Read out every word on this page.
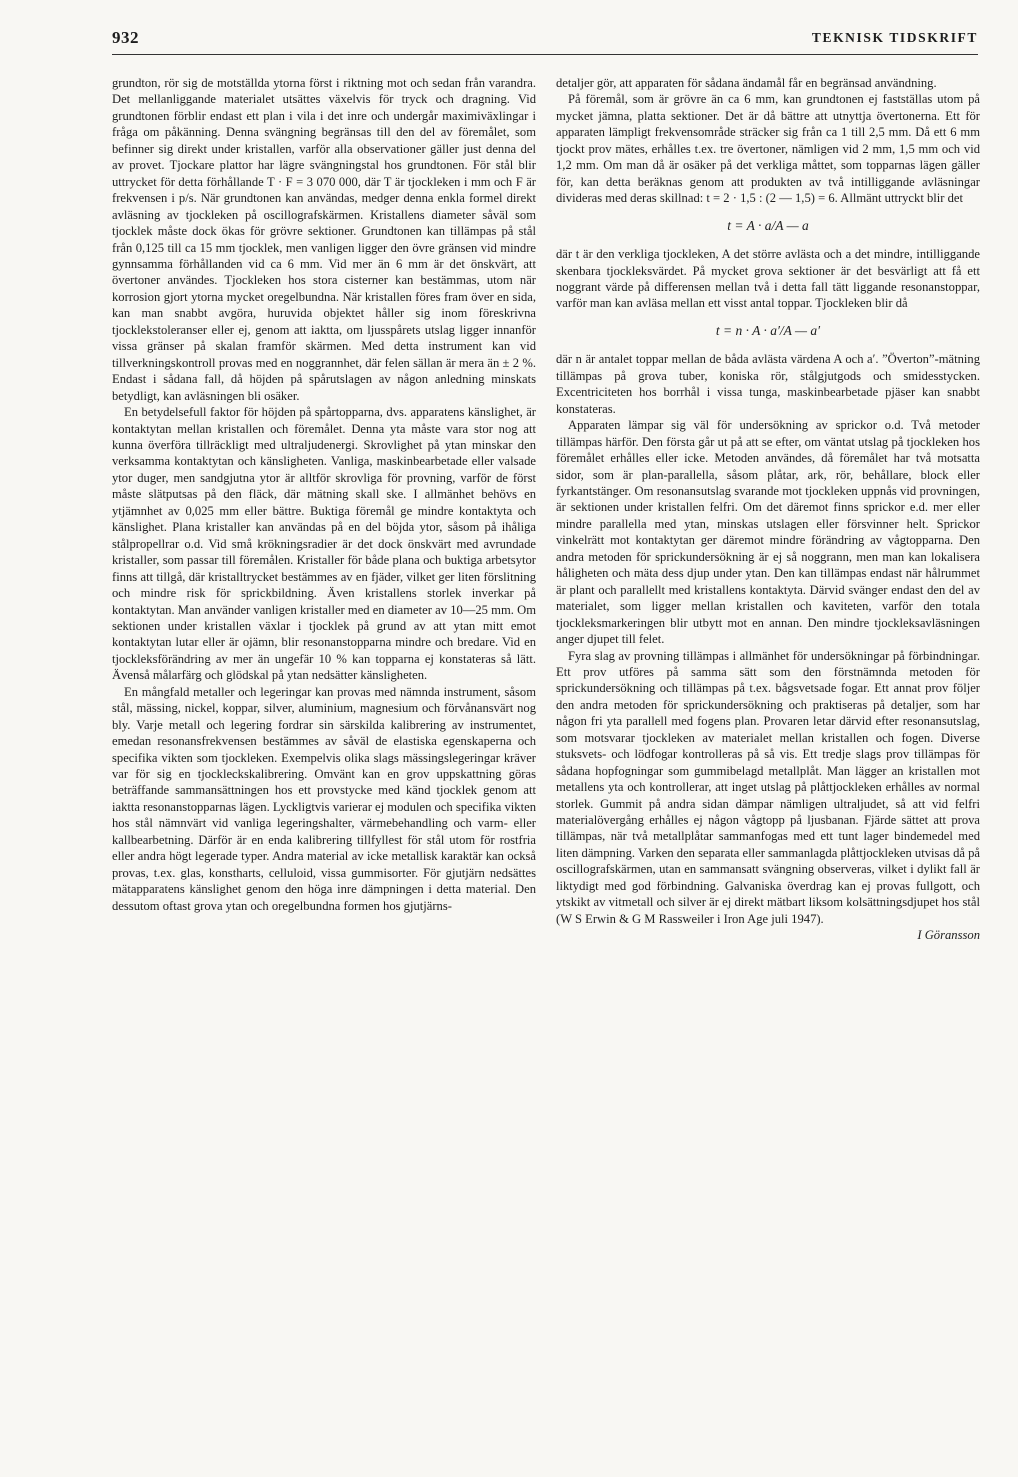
932	TEKNISK TIDSKRIFT

grundton, rör sig de motställda ytorna först i riktning mot och sedan från varandra. Det mellanliggande materialet utsättes växelvis för tryck och dragning. Vid grundtonen förblir endast ett plan i vila i det inre och undergår maximiväxlingar i fråga om påkänning. Denna svängning begränsas till den del av föremålet, som befinner sig direkt under kristallen, varför alla observationer gäller just denna del av provet. Tjockare plattor har lägre svängningstal hos grundtonen. För stål blir uttrycket för detta förhållande T · F = 3 070 000, där T är tjockleken i mm och F är frekvensen i p/s. När grundtonen kan användas, medger denna enkla formel direkt avläsning av tjockleken på oscillografskärmen. Kristallens diameter såväl som tjocklek måste dock ökas för grövre sektioner. Grundtonen kan tillämpas på stål från 0,125 till ca 15 mm tjocklek, men vanligen ligger den övre gränsen vid mindre gynnsamma förhållanden vid ca 6 mm. Vid mer än 6 mm är det önskvärt, att övertoner användes. Tjockleken hos stora cisterner kan bestämmas, utom när korrosion gjort ytorna mycket oregelbundna. När kristallen föres fram över en sida, kan man snabbt avgöra, huruvida objektet håller sig inom föreskrivna tjocklekstoleranser eller ej, genom att iaktta, om ljusspårets utslag ligger innanför vissa gränser på skalan framför skärmen. Med detta instrument kan vid tillverkningskontroll provas med en noggrannhet, där felen sällan är mera än ± 2 %. Endast i sådana fall, då höjden på spårutslagen av någon anledning minskats betydligt, kan avläsningen bli osäker.

En betydelsefull faktor för höjden på spårtopparna, dvs. apparatens känslighet, är kontaktytan mellan kristallen och föremålet. Denna yta måste vara stor nog att kunna överföra tillräckligt med ultraljudenergi. Skrovlighet på ytan minskar den verksamma kontaktytan och känsligheten. Vanliga, maskinbearbetade eller valsade ytor duger, men sandgjutna ytor är alltför skrovliga för provning, varför de först måste slätputsas på den fläck, där mätning skall ske. I allmänhet behövs en ytjämnhet av 0,025 mm eller bättre. Buktiga föremål ge mindre kontaktyta och känslighet. Plana kristaller kan användas på en del böjda ytor, såsom på ihåliga stålpropellrar o.d. Vid små krökningsradier är det dock önskvärt med avrundade kristaller, som passar till föremålen. Kristaller för både plana och buktiga arbetsytor finns att tillgå, där kristalltrycket bestämmes av en fjäder, vilket ger liten förslitning och mindre risk för sprickbildning. Även kristallens storlek inverkar på kontaktytan. Man använder vanligen kristaller med en diameter av 10—25 mm. Om sektionen under kristallen växlar i tjocklek på grund av att ytan mitt emot kontaktytan lutar eller är ojämn, blir resonanstopparna mindre och bredare. Vid en tjockleksförändring av mer än ungefär 10 % kan topparna ej konstateras så lätt. Ävenså målarfärg och glödskal på ytan nedsätter känsligheten.

En mångfald metaller och legeringar kan provas med nämnda instrument, såsom stål, mässing, nickel, koppar, silver, aluminium, magnesium och förvånansvärt nog bly. Varje metall och legering fordrar sin särskilda kalibrering av instrumentet, emedan resonansfrekvensen bestämmes av såväl de elastiska egenskaperna och specifika vikten som tjockleken. Exempelvis olika slags mässingslegeringar kräver var för sig en tjockleckskalibrering. Omvänt kan en grov uppskattning göras beträffande sammansättningen hos ett provstycke med känd tjocklek genom att iaktta resonanstopparnas lägen. Lyckligtvis varierar ej modulen och specifika vikten hos stål nämnvärt vid vanliga legeringshalter, värmebehandling och varm- eller kallbearbetning. Därför är en enda kalibrering tillfyllest för stål utom för rostfria eller andra högt legerade typer. Andra material av icke metallisk karaktär kan också provas, t.ex. glas, konstharts, celluloid, vissa gummisorter. För gjutjärn nedsättes mätapparatens känslighet genom den höga inre dämpningen i detta material. Den dessutom oftast grova ytan och oregelbundna formen hos gjutjärns-

detaljer gör, att apparaten för sådana ändamål får en begränsad användning.

På föremål, som är grövre än ca 6 mm, kan grundtonen ej fastställas utom på mycket jämna, platta sektioner. Det är då bättre att utnyttja övertonerna. Ett för apparaten lämpligt frekvensområde sträcker sig från ca 1 till 2,5 mm. Då ett 6 mm tjockt prov mätes, erhålles t.ex. tre övertoner, nämligen vid 2 mm, 1,5 mm och vid 1,2 mm. Om man då är osäker på det verkliga måttet, som topparnas lägen gäller för, kan detta beräknas genom att produkten av två intilliggande avläsningar divideras med deras skillnad: t = 2 · 1,5 : (2 — 1,5) = 6. Allmänt uttryckt blir det

t = A · a/A — a

där t är den verkliga tjockleken, A det större avlästa och a det mindre, intilliggande skenbara tjockleksvärdet. På mycket grova sektioner är det besvärligt att få ett noggrant värde på differensen mellan två i detta fall tätt liggande resonanstoppar, varför man kan avläsa mellan ett visst antal toppar. Tjockleken blir då

t = n · A · a′/A — a′

där n är antalet toppar mellan de båda avlästa värdena A och a′. ”Överton”-mätning tillämpas på grova tuber, koniska rör, stålgjutgods och smidesstycken. Excentriciteten hos borrhål i vissa tunga, maskinbearbetade pjäser kan snabbt konstateras.

Apparaten lämpar sig väl för undersökning av sprickor o.d. Två metoder tillämpas härför. Den första går ut på att se efter, om väntat utslag på tjockleken hos föremålet erhålles eller icke. Metoden användes, då föremålet har två motsatta sidor, som är plan-parallella, såsom plåtar, ark, rör, behållare, block eller fyrkantstänger. Om resonansutslag svarande mot tjockleken uppnås vid provningen, är sektionen under kristallen felfri. Om det däremot finns sprickor e.d. mer eller mindre parallella med ytan, minskas utslagen eller försvinner helt. Sprickor vinkelrätt mot kontaktytan ger däremot mindre förändring av vågtopparna. Den andra metoden för sprickundersökning är ej så noggrann, men man kan lokalisera håligheten och mäta dess djup under ytan. Den kan tillämpas endast när hålrummet är plant och parallellt med kristallens kontaktyta. Därvid svänger endast den del av materialet, som ligger mellan kristallen och kaviteten, varför den totala tjockleksmarkeringen blir utbytt mot en annan. Den mindre tjockleksavläsningen anger djupet till felet.

Fyra slag av provning tillämpas i allmänhet för undersökningar på förbindningar. Ett prov utföres på samma sätt som den förstnämnda metoden för sprickundersökning och tillämpas på t.ex. bågsvetsade fogar. Ett annat prov följer den andra metoden för sprickundersökning och praktiseras på detaljer, som har någon fri yta parallell med fogens plan. Provaren letar därvid efter resonansutslag, som motsvarar tjockleken av materialet mellan kristallen och fogen. Diverse stuksvets- och lödfogar kontrolleras på så vis. Ett tredje slags prov tillämpas för sådana hopfogningar som gummibelagd metallplåt. Man lägger an kristallen mot metallens yta och kontrollerar, att inget utslag på plåttjockleken erhålles av normal storlek. Gummit på andra sidan dämpar nämligen ultraljudet, så att vid felfri materialövergång erhålles ej någon vågtopp på ljusbanan. Fjärde sättet att prova tillämpas, när två metallplåtar sammanfogas med ett tunt lager bindemedel med liten dämpning. Varken den separata eller sammanlagda plåttjockleken utvisas då på oscillografskärmen, utan en sammansatt svängning observeras, vilket i dylikt fall är liktydigt med god förbindning. Galvaniska överdrag kan ej provas fullgott, och ytskikt av vitmetall och silver är ej direkt mätbart liksom kolsättningsdjupet hos stål (W S Erwin & G M Rassweiler i Iron Age juli 1947).

I Göransson
